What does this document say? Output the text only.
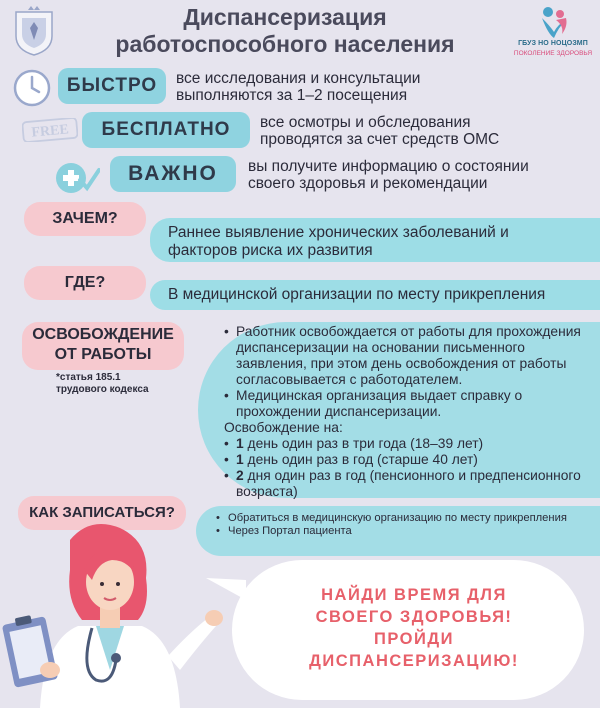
Диспансеризация
работоспособного населения	ГБУЗ НО НОЦОЗМП
ПОКОЛЕНИЕ ЗДОРОВЬЯ
БЫСТРО	все исследования и консультации
выполняются за 1–2 посещения
FREE	БЕСПЛАТНО	все осмотры и обследования
проводятся за счет средств ОМС
ВАЖНО	вы получите информацию о состоянии
своего здоровья и рекомендации
Раннее выявление хронических заболеваний и
факторов риска их развития
ЗАЧЕМ?
В медицинской организации по месту прикрепления
ГДЕ?
ОСВОБОЖДЕНИЕ
ОТ РАБОТЫ
*статья 185.1
трудового кодекса
• Работник освобождается от работы для прохождения диспансеризации на основании письменного заявления, при этом день освобождения от работы согласовывается с работодателем.
• Медицинская организация выдает справку о прохождении диспансеризации.
Освобождение на:
• 1 день один раз в три года (18–39 лет)
• 1 день один раз в год (старше 40 лет)
• 2 дня один раз в год (пенсионного и предпенсионного возраста)
КАК ЗАПИСАТЬСЯ?
•	Обратиться в медицинскую организацию по месту прикрепления
• Через Портал пациента
НАЙДИ ВРЕМЯ ДЛЯ
СВОЕГО ЗДОРОВЬЯ!
ПРОЙДИ
ДИСПАНСЕРИЗАЦИЮ!
